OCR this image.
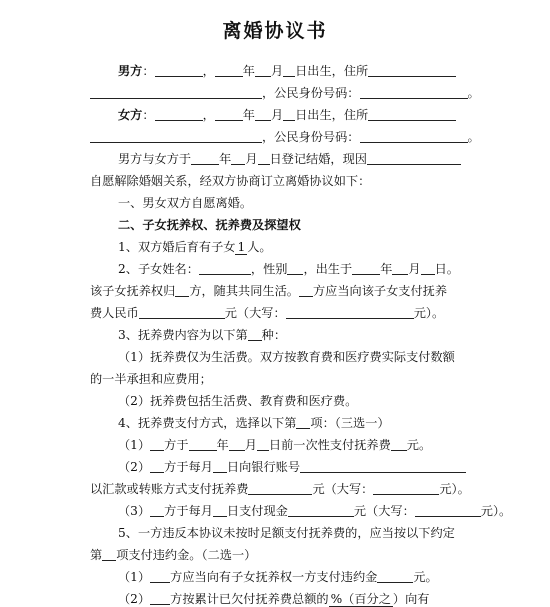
离婚协议书
男方：	， 年 月 日出生，住所
，公民身份号码：	。
女方：	， 年 月 日出生，住所
，公民身份号码：	。
男方与女方于 年 月 日登记结婚，现因
自愿解除婚姻关系，经双方协商订立离婚协议如下：
一、男女双方自愿离婚。
二、子女抚养权、抚养费及探望权
1、双方婚后育有子女 1 人。
2、子女姓名：	，性别 ，出生于 年 月 日。
该子女抚养权归 方，随其共同生活。 方应当向该子女支付抚养
费人民币	元（大写：	元）。
3、抚养费内容为以下第 种：
（1）抚养费仅为生活费。双方按教育费和医疗费实际支付数额
的一半承担和应费用；
（2）抚养费包括生活费、教育费和医疗费。
4、抚养费支付方式，选择以下第 项：（三选一）
（1） 方于 年 月 日前一次性支付抚养费 元。
（2） 方于每月 日向银行账号
以汇款或转账方式支付抚养费	元（大写：	元）。
（3） 方于每月 日支付现金	元（大写：	元）。
5、一方违反本协议未按时足额支付抚养费的，应当按以下约定
第 项支付违约金。（二选一）
（1） 方应当向有子女抚养权一方支付违约金	元。
（2） 方按累计已欠付抚养费总额的 %（百分之 ）向有
